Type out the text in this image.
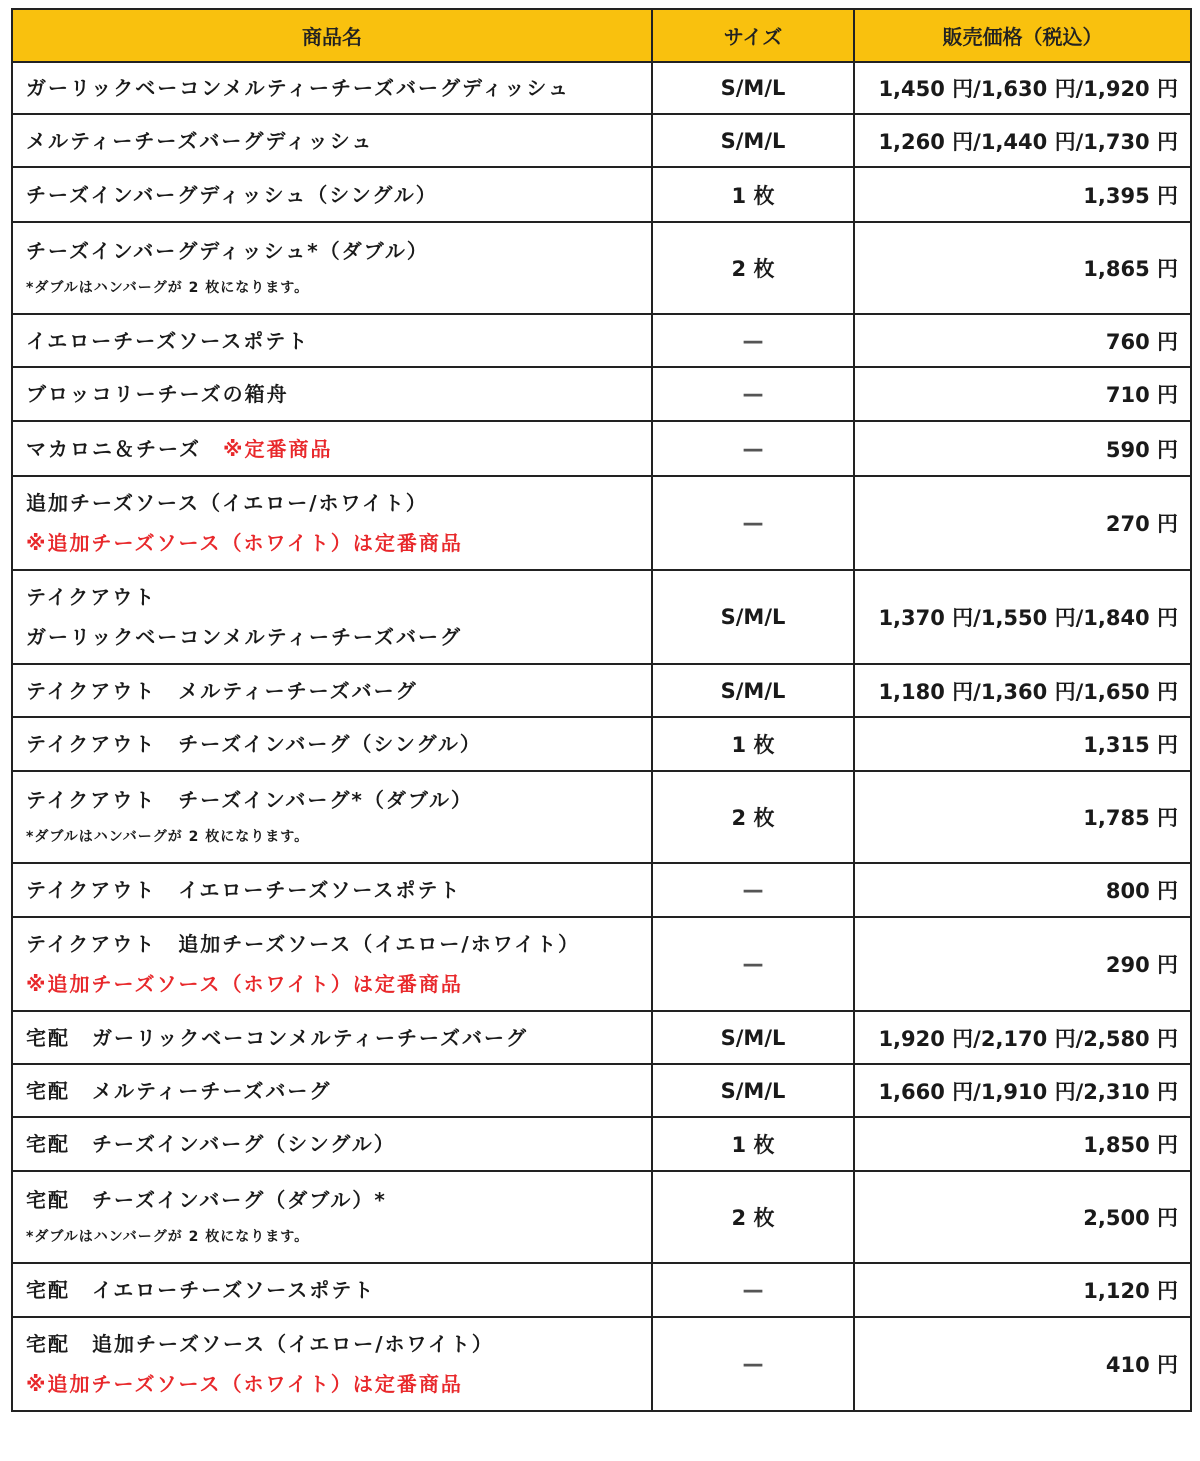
商品名	サイズ	販売価格（税込）

ガーリックベーコンメルティーチーズバーグディッシュ	S/M/L	1,450 円/1,630 円/1,920 円

メルティーチーズバーグディッシュ	S/M/L	1,260 円/1,440 円/1,730 円

チーズインバーグディッシュ（シングル）	1 枚	1,395 円

チーズインバーグディッシュ*（ダブル）
*ダブルはハンバーグが 2 枚になります。	2 枚	1,865 円

イエローチーズソースポテト	—	760 円

ブロッコリーチーズの箱舟	—	710 円

マカロニ＆チーズ ※定番商品	—	590 円

追加チーズソース（イエロー/ホワイト）
※追加チーズソース（ホワイト）は定番商品	—	270 円

テイクアウト
ガーリックベーコンメルティーチーズバーグ	S/M/L	1,370 円/1,550 円/1,840 円

テイクアウト　メルティーチーズバーグ	S/M/L	1,180 円/1,360 円/1,650 円

テイクアウト　チーズインバーグ（シングル）	1 枚	1,315 円

テイクアウト　チーズインバーグ*（ダブル）
*ダブルはハンバーグが 2 枚になります。	2 枚	1,785 円

テイクアウト　イエローチーズソースポテト	—	800 円

テイクアウト　追加チーズソース（イエロー/ホワイト）
※追加チーズソース（ホワイト）は定番商品	—	290 円

宅配　ガーリックベーコンメルティーチーズバーグ	S/M/L	1,920 円/2,170 円/2,580 円

宅配　メルティーチーズバーグ	S/M/L	1,660 円/1,910 円/2,310 円

宅配　チーズインバーグ（シングル）	1 枚	1,850 円

宅配　チーズインバーグ（ダブル）*
*ダブルはハンバーグが 2 枚になります。	2 枚	2,500 円

宅配　イエローチーズソースポテト	—	1,120 円

宅配　追加チーズソース（イエロー/ホワイト）
※追加チーズソース（ホワイト）は定番商品	—	410 円
